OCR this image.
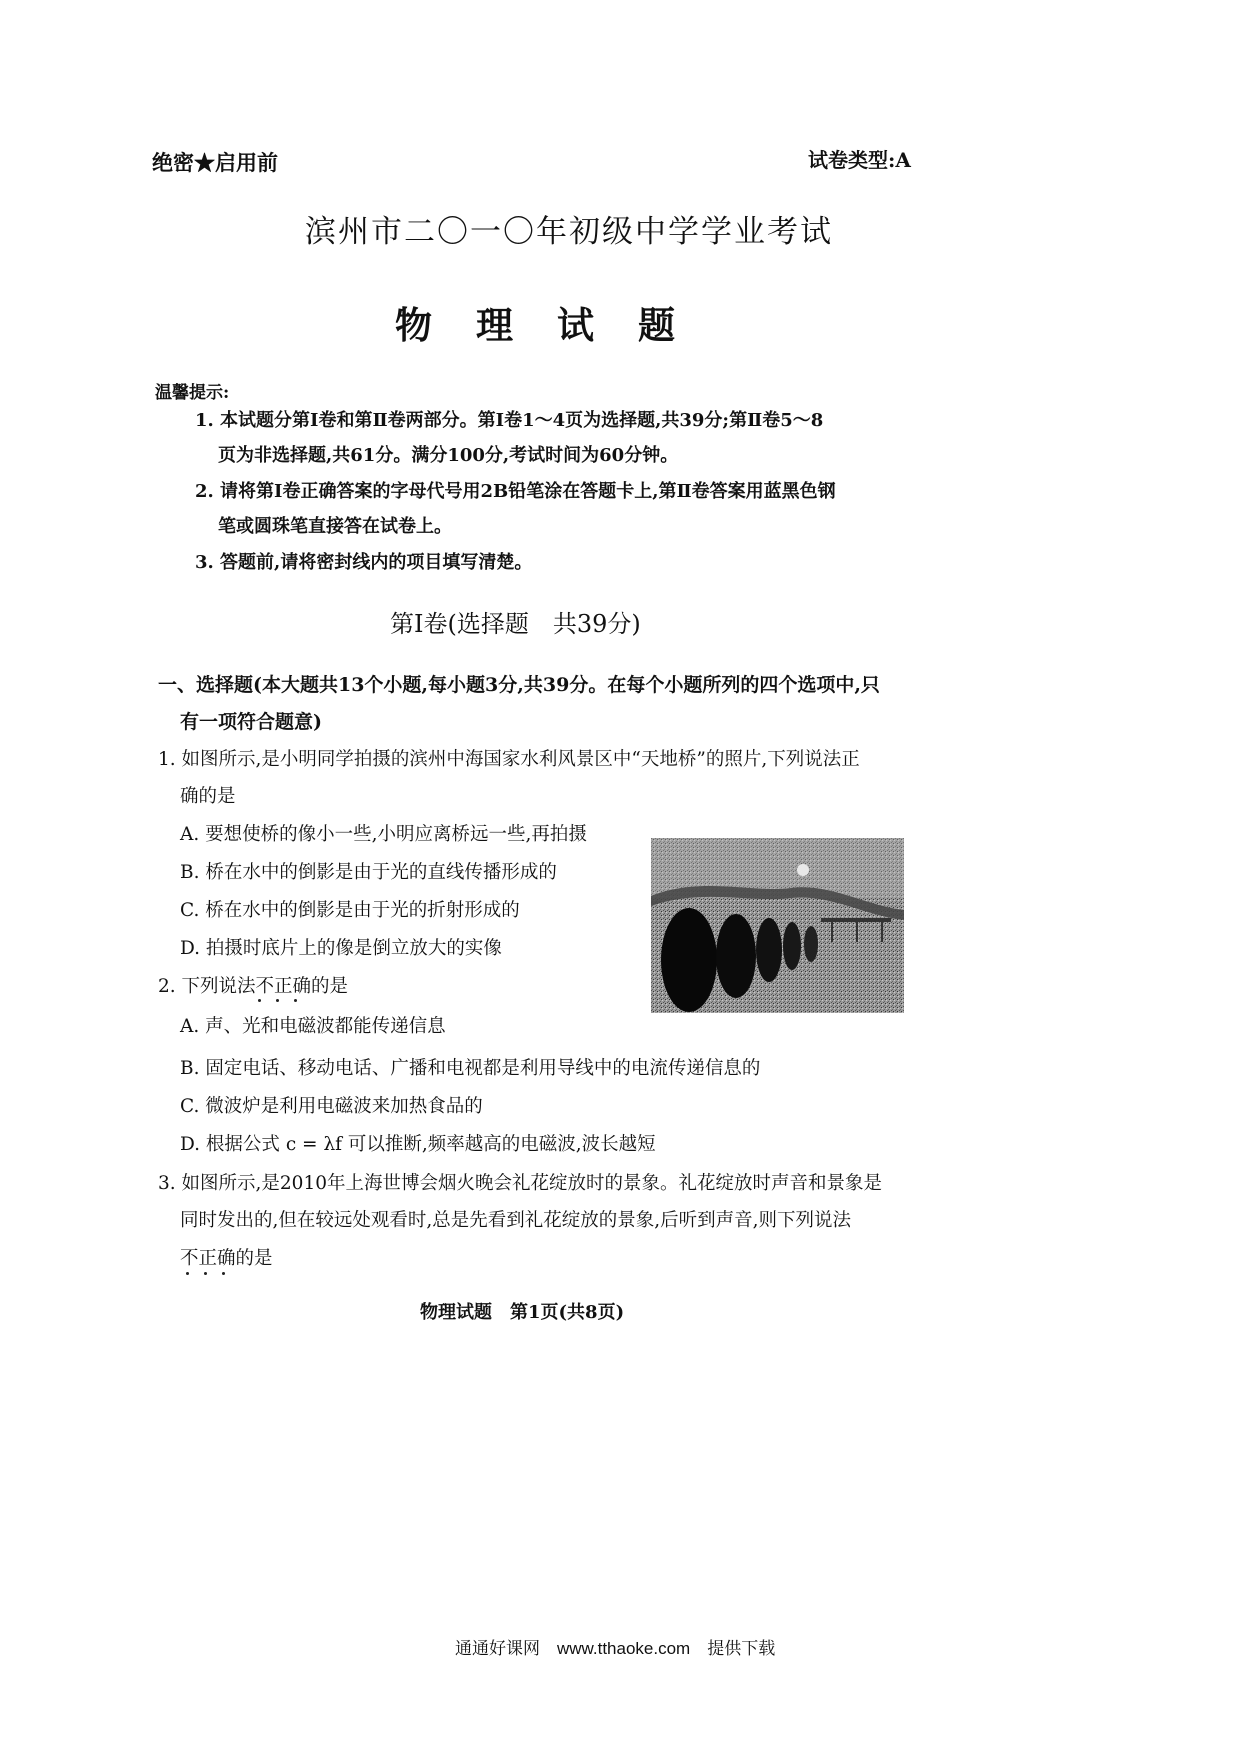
绝密★启用前	试卷类型:A
滨州市二〇一〇年初级中学学业考试
物理试题
温馨提示:
1. 本试题分第Ⅰ卷和第Ⅱ卷两部分。第Ⅰ卷1～4页为选择题,共39分;第Ⅱ卷5～8
页为非选择题,共61分。满分100分,考试时间为60分钟。
2. 请将第Ⅰ卷正确答案的字母代号用2B铅笔涂在答题卡上,第Ⅱ卷答案用蓝黑色钢
笔或圆珠笔直接答在试卷上。
3. 答题前,请将密封线内的项目填写清楚。
第Ⅰ卷(选择题　共39分)
一、选择题(本大题共13个小题,每小题3分,共39分。在每个小题所列的四个选项中,只
有一项符合题意)
1. 如图所示,是小明同学拍摄的滨州中海国家水利风景区中“天地桥”的照片,下列说法正
确的是
A. 要想使桥的像小一些,小明应离桥远一些,再拍摄
B. 桥在水中的倒影是由于光的直线传播形成的
C. 桥在水中的倒影是由于光的折射形成的
D. 拍摄时底片上的像是倒立放大的实像
2. 下列说法不正确的是
A. 声、光和电磁波都能传递信息
B. 固定电话、移动电话、广播和电视都是利用导线中的电流传递信息的
C. 微波炉是利用电磁波来加热食品的
D. 根据公式 c = λf 可以推断,频率越高的电磁波,波长越短
3. 如图所示,是2010年上海世博会烟火晚会礼花绽放时的景象。礼花绽放时声音和景象是
同时发出的,但在较远处观看时,总是先看到礼花绽放的景象,后听到声音,则下列说法
不正确的是
物理试题　第1页(共8页)
通通好课网　www.tthaoke.com　提供下载
